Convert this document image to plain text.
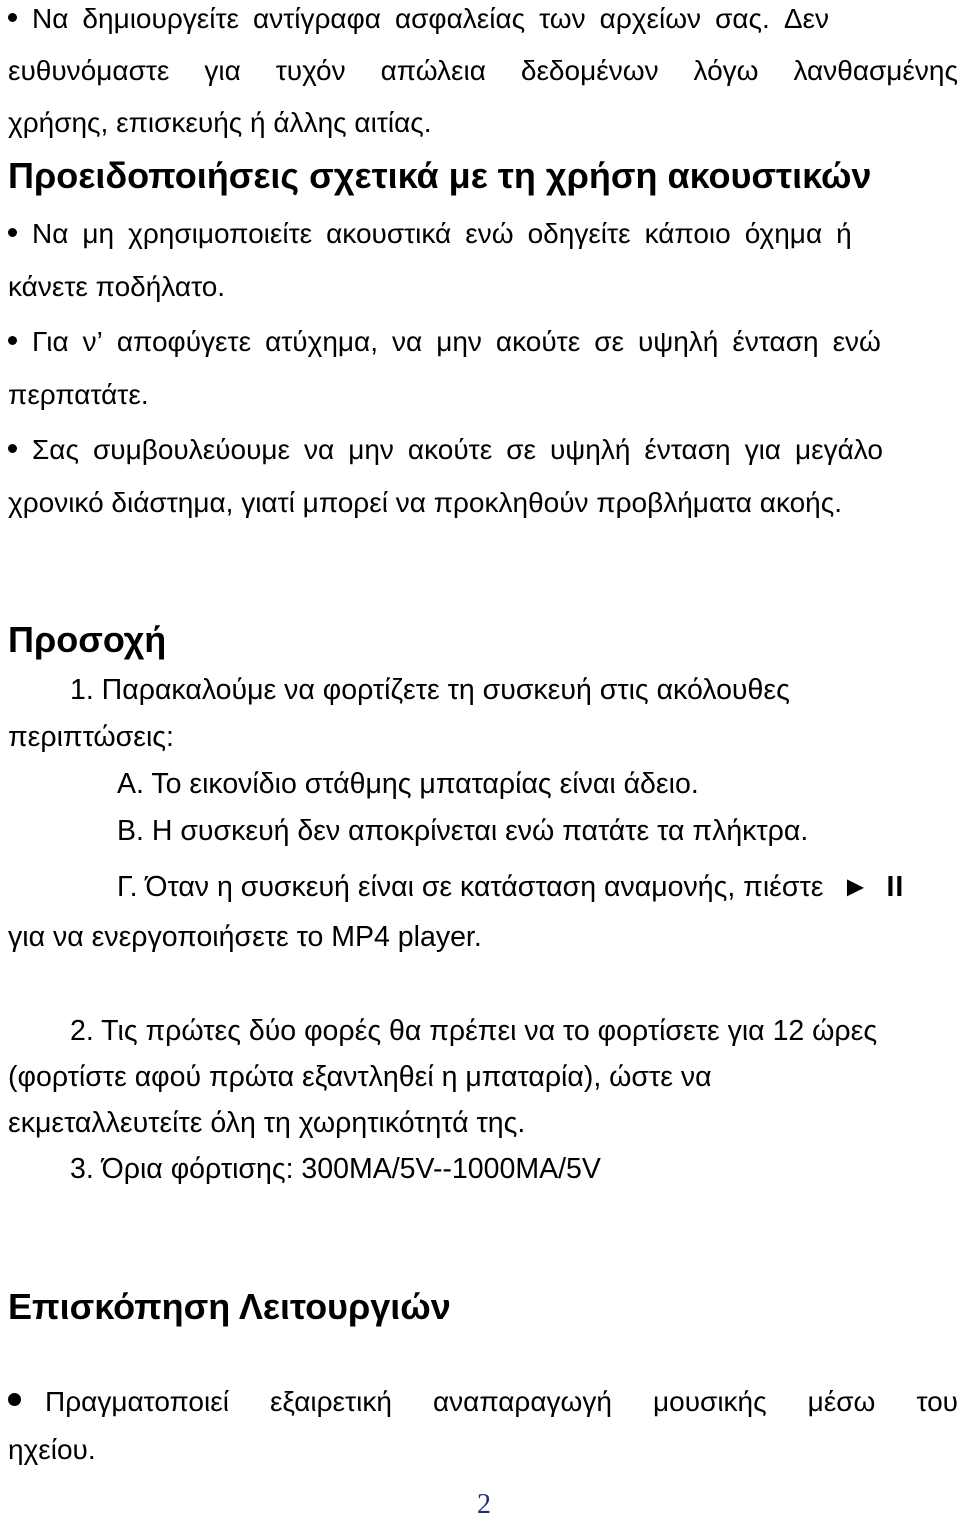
Να δημιουργείτε αντίγραφα ασφαλείας των αρχείων σας. Δεν
ευθυνόμαστε για τυχόν απώλεια δεδομένων λόγω λανθασμένης
χρήσης, επισκευής ή άλλης αιτίας.
Προειδοποιήσεις σχετικά με τη χρήση ακουστικών
Να μη χρησιμοποιείτε ακουστικά ενώ οδηγείτε κάποιο όχημα ή
κάνετε ποδήλατο.
Για ν’ αποφύγετε ατύχημα, να μην ακούτε σε υψηλή ένταση ενώ
περπατάτε.
Σας συμβουλεύουμε να μην ακούτε σε υψηλή ένταση για μεγάλο
χρονικό διάστημα, γιατί μπορεί να προκληθούν προβλήματα ακοής.
Προσοχή
1. Παρακαλούμε να φορτίζετε τη συσκευή στις ακόλουθες
περιπτώσεις:
Α. Το εικονίδιο στάθμης μπαταρίας είναι άδειο.
Β. Η συσκευή δεν αποκρίνεται ενώ πατάτε τα πλήκτρα.
Γ. Όταν η συσκευή είναι σε κατάσταση αναμονής, πιέστε ► II
για να ενεργοποιήσετε το MP4 player.
2. Τις πρώτες δύο φορές θα πρέπει να το φορτίσετε για 12 ώρες
(φορτίστε αφού πρώτα εξαντληθεί η μπαταρία), ώστε να
εκμεταλλευτείτε όλη τη χωρητικότητά της.
3. Όρια φόρτισης: 300MA/5V--1000MA/5V
Επισκόπηση Λειτουργιών
Πραγματοποιεί εξαιρετική αναπαραγωγή μουσικής μέσω του
ηχείου.
2
